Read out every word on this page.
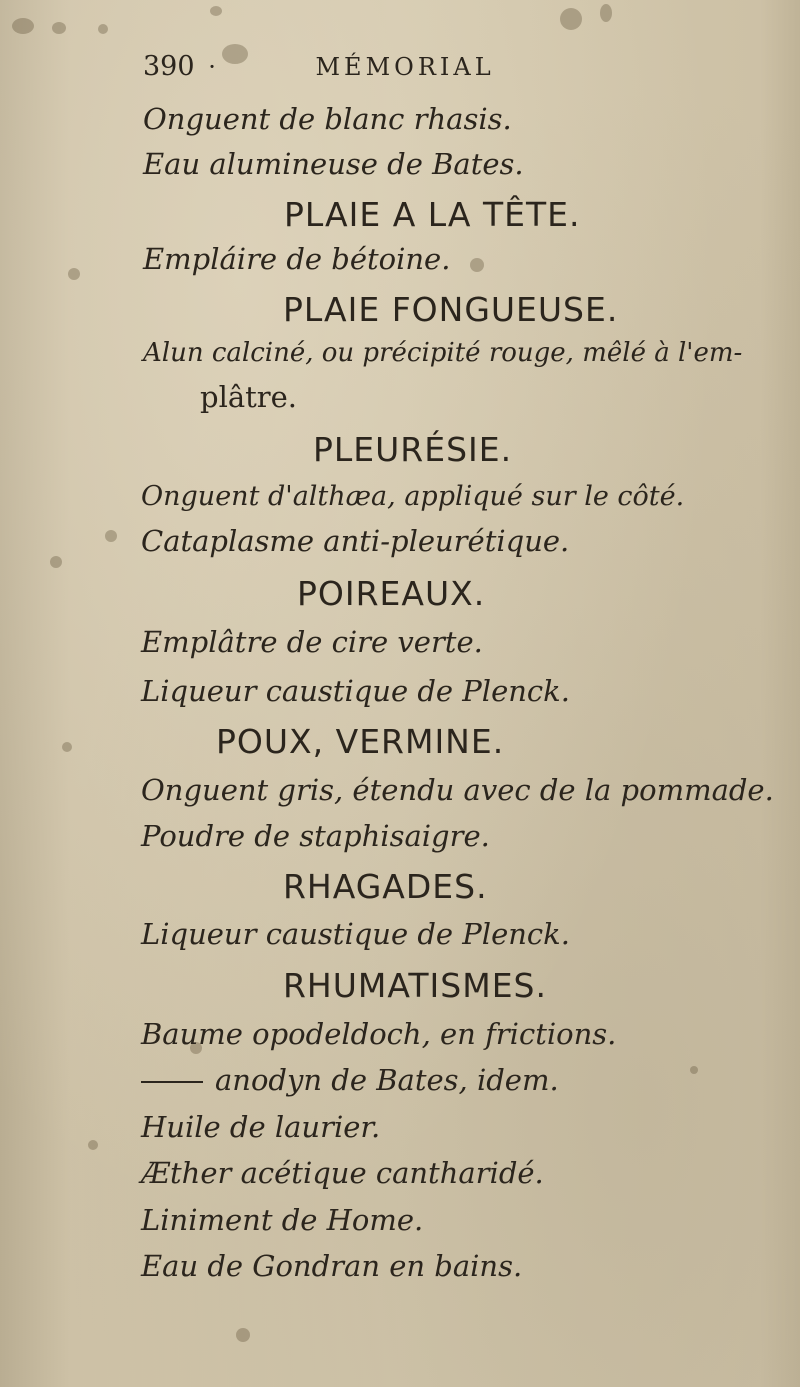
390 ·	MÉMORIAL
Onguent de blanc rhasis.
Eau alumineuse de Bates.
PLAIE A LA TÊTE.
Empláire de bétoine.
PLAIE FONGUEUSE.
Alun calciné, ou précipité rouge, mêlé à l'em-
plâtre.
PLEURÉSIE.
Onguent d'althæa, appliqué sur le côté.
Cataplasme anti-pleurétique.
POIREAUX.
Emplâtre de cire verte.
Liqueur caustique de Plenck.
POUX, VERMINE.
Onguent gris, étendu avec de la pommade.
Poudre de staphisaigre.
RHAGADES.
Liqueur caustique de Plenck.
RHUMATISMES.
Baume opodeldoch, en frictions.
anodyn de Bates, idem.
Huile de laurier.
Æther acétique cantharidé.
Liniment de Home.
Eau de Gondran en bains.
